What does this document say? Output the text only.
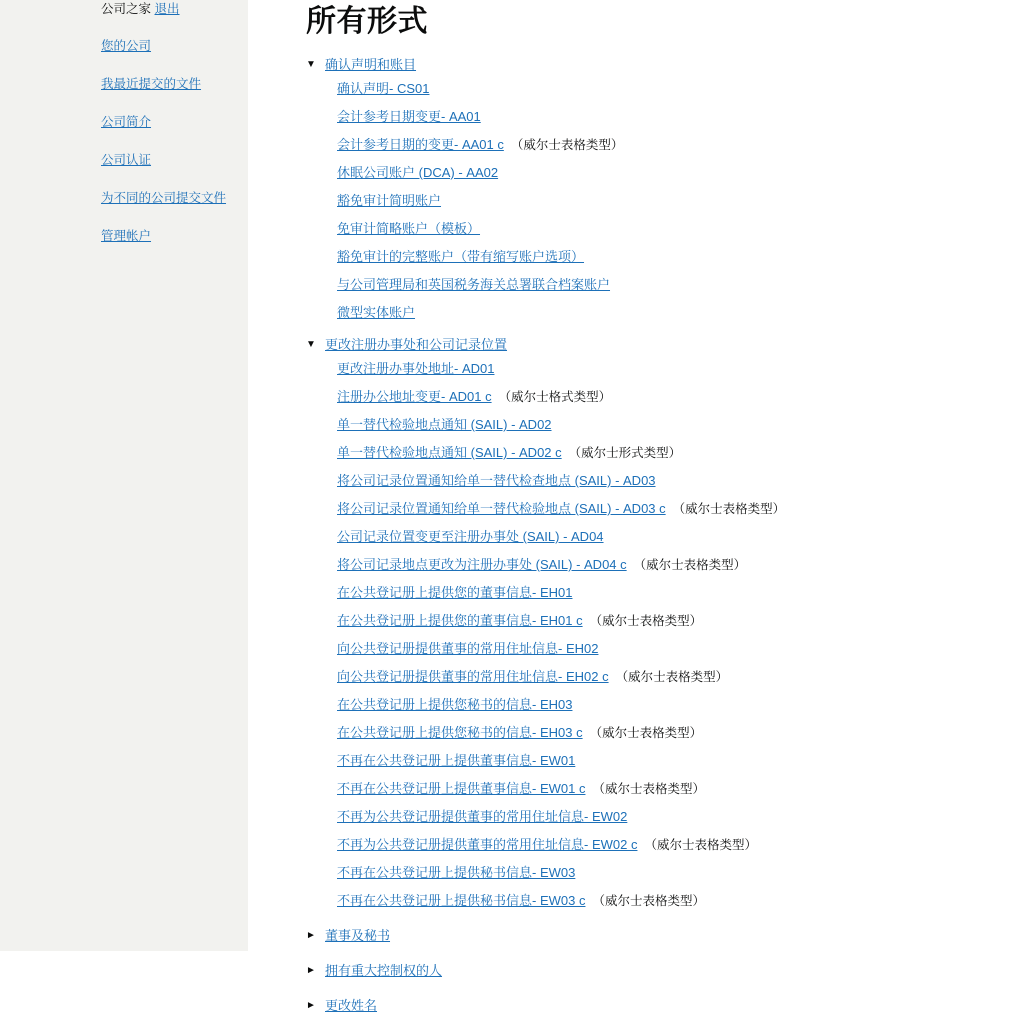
公司之家 退出
您的公司
我最近提交的文件
公司简介
公司认证
为不同的公司提交文件
管理帐户
所有形式
▼ 确认声明和账目
确认声明- CS01
会计参考日期变更- AA01
会计参考日期的变更- AA01 c （威尔士表格类型）
休眠公司账户 (DCA) - AA02
豁免审计简明账户
免审计简略账户（模板）
豁免审计的完整账户（带有缩写账户选项）
与公司管理局和英国税务海关总署联合档案账户
微型实体账户
▼ 更改注册办事处和公司记录位置
更改注册办事处地址- AD01
注册办公地址变更- AD01 c （威尔士格式类型）
单一替代检验地点通知 (SAIL) - AD02
单一替代检验地点通知 (SAIL) - AD02 c （威尔士形式类型）
将公司记录位置通知给单一替代检查地点 (SAIL) - AD03
将公司记录位置通知给单一替代检验地点 (SAIL) - AD03 c （威尔士表格类型）
公司记录位置变更至注册办事处 (SAIL) - AD04
将公司记录地点更改为注册办事处 (SAIL) - AD04 c （威尔士表格类型）
在公共登记册上提供您的董事信息- EH01
在公共登记册上提供您的董事信息- EH01 c （威尔士表格类型）
向公共登记册提供董事的常用住址信息- EH02
向公共登记册提供董事的常用住址信息- EH02 c （威尔士表格类型）
在公共登记册上提供您秘书的信息- EH03
在公共登记册上提供您秘书的信息- EH03 c （威尔士表格类型）
不再在公共登记册上提供董事信息- EW01
不再在公共登记册上提供董事信息- EW01 c （威尔士表格类型）
不再为公共登记册提供董事的常用住址信息- EW02
不再为公共登记册提供董事的常用住址信息- EW02 c （威尔士表格类型）
不再在公共登记册上提供秘书信息- EW03
不再在公共登记册上提供秘书信息- EW03 c （威尔士表格类型）
► 董事及秘书
► 拥有重大控制权的人
► 更改姓名
